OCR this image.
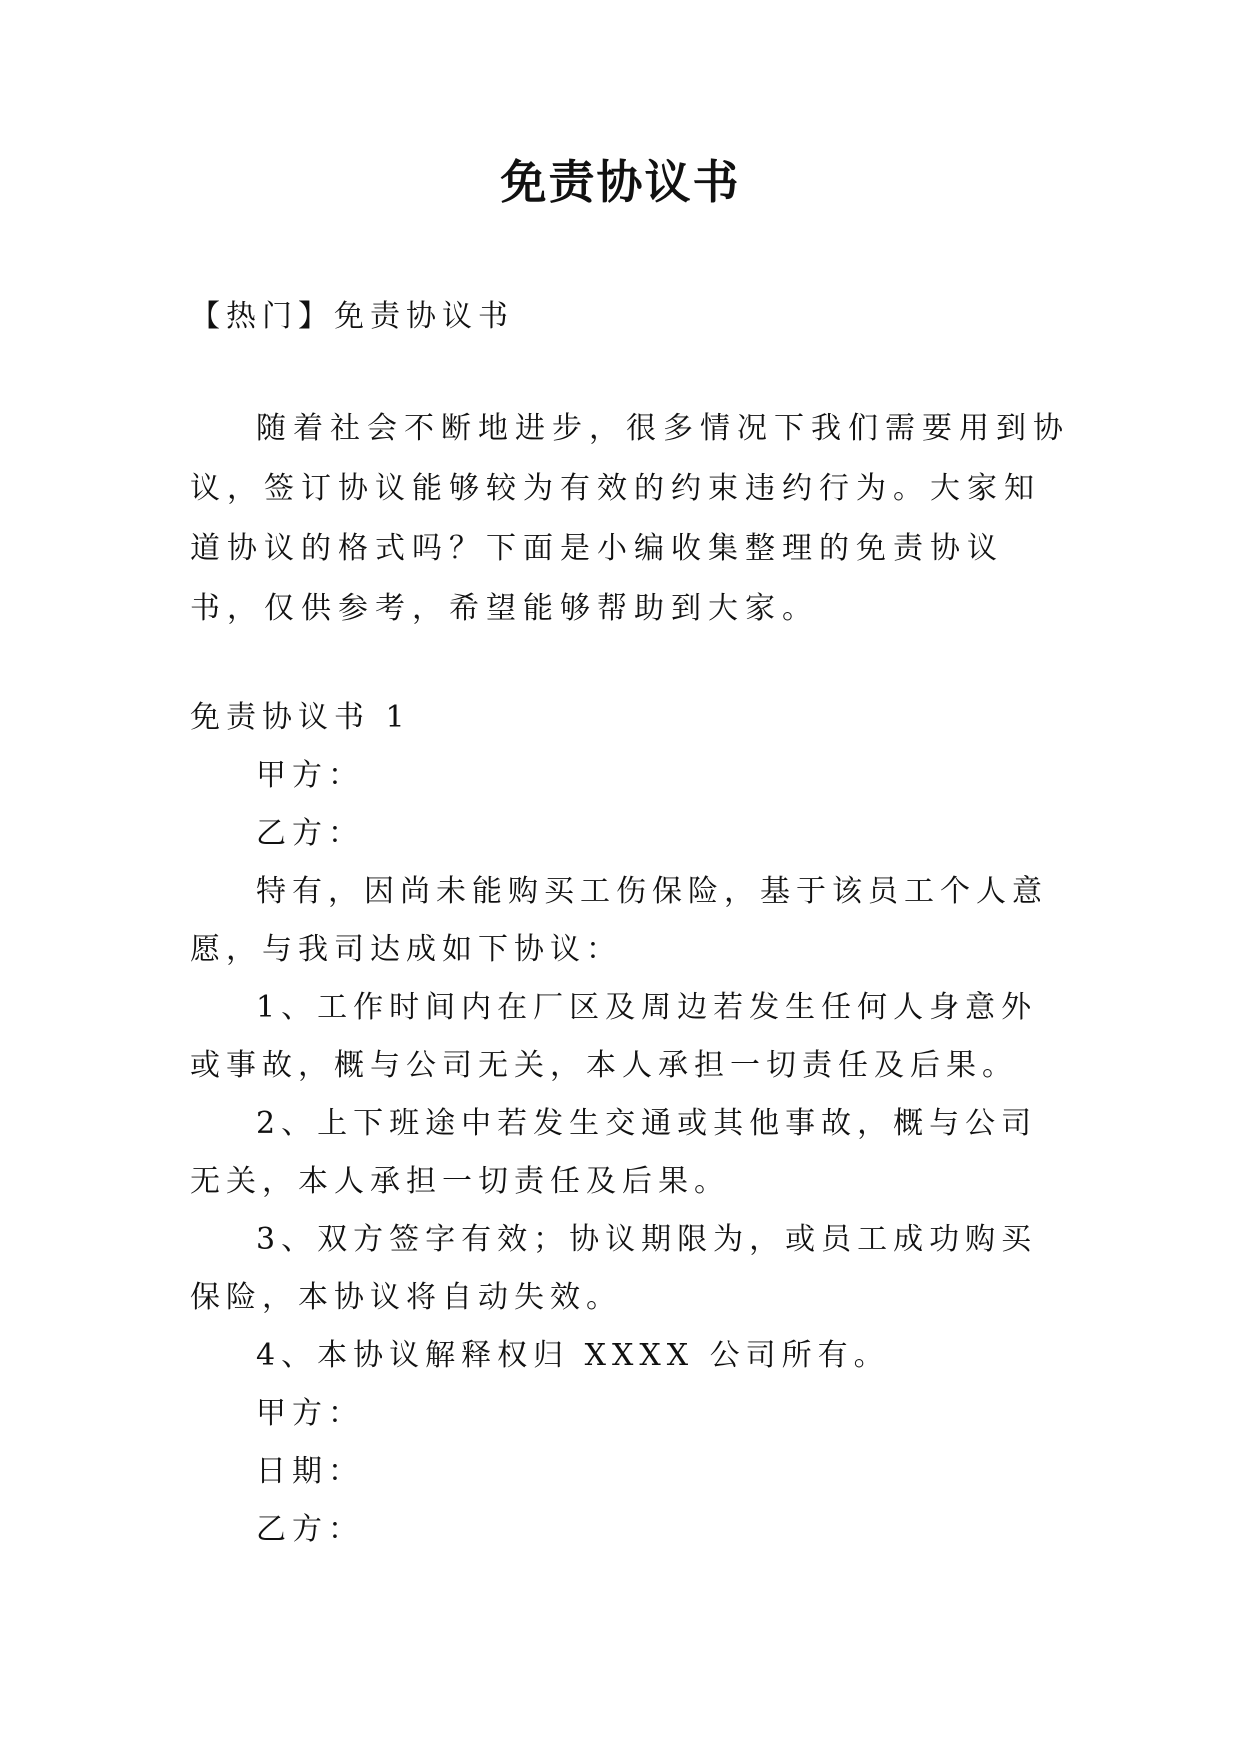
免责协议书

【热门】免责协议书

随着社会不断地进步，很多情况下我们需要用到协议，签订协议能够较为有效的约束违约行为。大家知道协议的格式吗？下面是小编收集整理的免责协议书，仅供参考，希望能够帮助到大家。

免责协议书 1

甲方：

乙方：

特有，因尚未能购买工伤保险，基于该员工个人意愿，与我司达成如下协议：

1、工作时间内在厂区及周边若发生任何人身意外或事故，概与公司无关，本人承担一切责任及后果。

2、上下班途中若发生交通或其他事故，概与公司无关，本人承担一切责任及后果。

3、双方签字有效；协议期限为，或员工成功购买保险，本协议将自动失效。

4、本协议解释权归 XXXX 公司所有。

甲方：

日期：

乙方：
